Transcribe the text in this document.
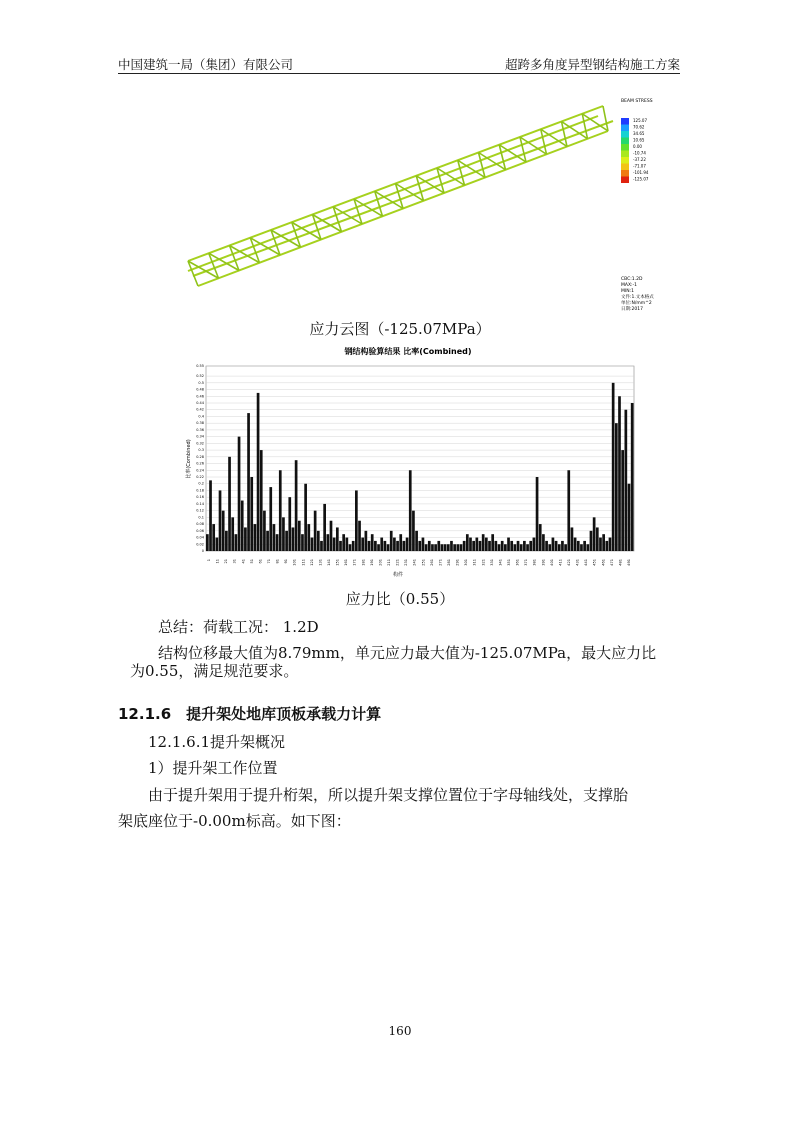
中国建筑一局（集团）有限公司	超跨多角度异型钢结构施工方案
BEAM STRESS
125.07
70.62
34.65
10.65
0.00
-10.74
-37.22
-71.07
-101.94
-125.07
CBC:1.2D
MAX:-1
MIN:1
文件:1.文本格式
单位:N/mm^2
日期:2017
应力云图（-125.07MPa）
钢结构验算结果 比率(Combined)
0
0.02
0.04
0.06
0.08
0.1
0.12
0.14
0.16
0.18
0.2
0.22
0.24
0.26
0.28
0.3
0.32
0.34
0.36
0.38
0.4
0.42
0.44
0.46
0.48
0.5
0.52
0.55
1 11 21 31 41 51 61 71 81 91 101 111 121 131 141 151 161 171 181 191 201 211 221 231 241 251 261 271 281 291 301 311 321 331 341 351 361 371 381 391 401 411 421 431 441 451 461 471 481 491
比率(Combined)
构件
应力比（0.55）
总结：荷载工况： 1.2D
结构位移最大值为8.79mm，单元应力最大值为-125.07MPa，最大应力比
为0.55，满足规范要求。
12.1.6　提升架处地库顶板承载力计算
12.1.6.1提升架概况
1）提升架工作位置
由于提升架用于提升桁架，所以提升架支撑位置位于字母轴线处，支撑胎
架底座位于-0.00m标高。如下图：
160
